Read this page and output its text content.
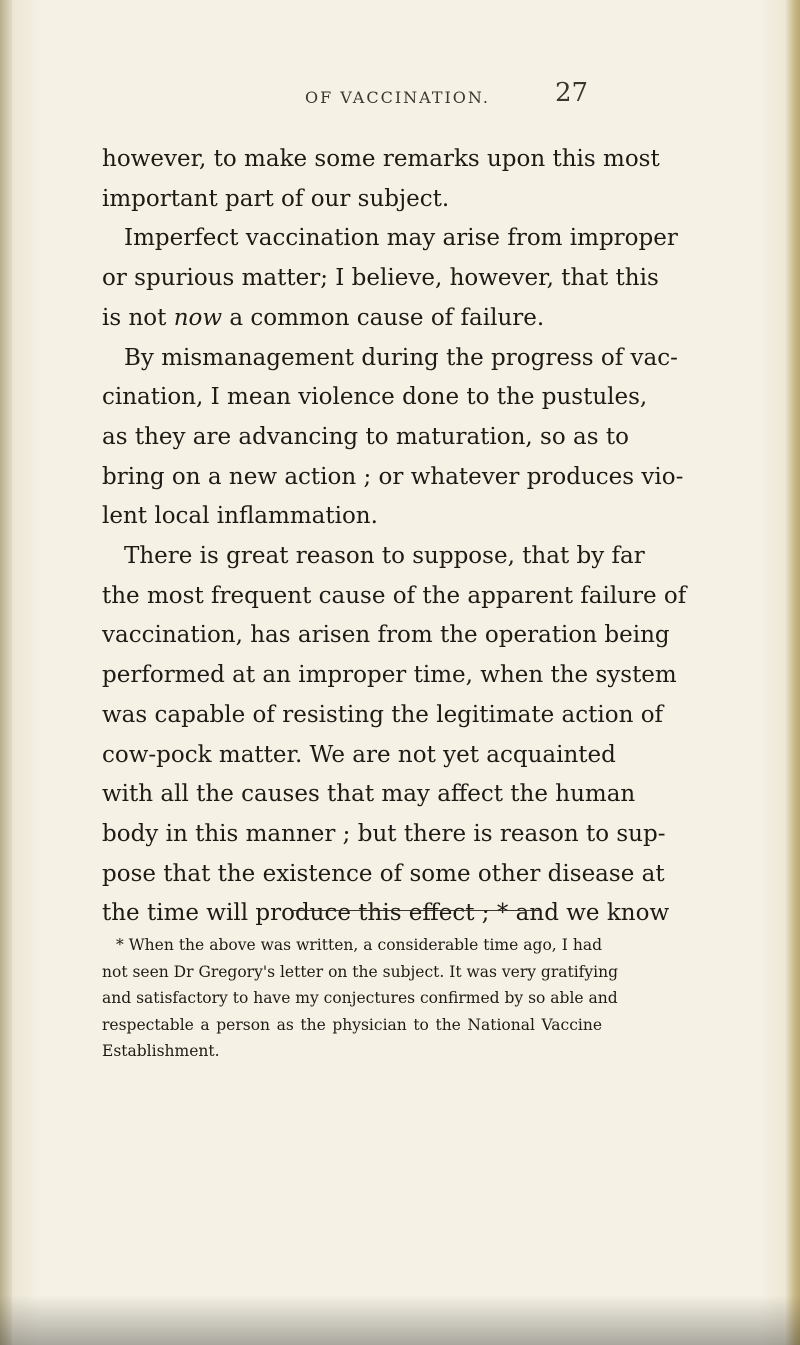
OF VACCINATION.	27
however, to make some remarks upon this most
important part of our subject.
Imperfect vaccination may arise from improper
or spurious matter; I believe, however, that this
is not now a common cause of failure.
By mismanagement during the progress of vac-
cination, I mean violence done to the pustules,
as they are advancing to maturation, so as to
bring on a new action ; or whatever produces vio-
lent local inflammation.
There is great reason to suppose, that by far
the most frequent cause of the apparent failure of
vaccination, has arisen from the operation being
performed at an improper time, when the system
was capable of resisting the legitimate action of
cow-pock matter. We are not yet acquainted
with all the causes that may affect the human
body in this manner ; but there is reason to sup-
pose that the existence of some other disease at
the time will produce this effect ; * and we know
* When the above was written, a considerable time ago, I had
not seen Dr Gregory's letter on the subject. It was very gratifying
and satisfactory to have my conjectures confirmed by so able and
respectable a person as the physician to the National Vaccine
Establishment.
